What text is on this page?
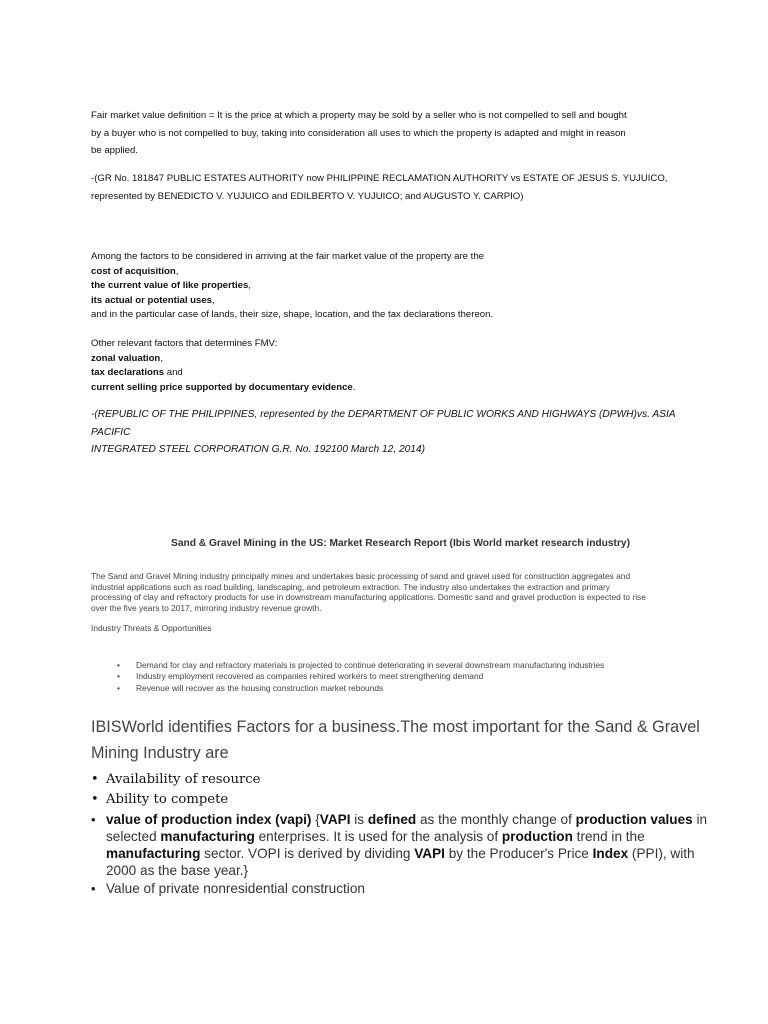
Fair market value definition = It is the price at which a property may be sold by a seller who is not compelled to sell and bought
by a buyer who is not compelled to buy, taking into consideration all uses to which the property is adapted and might in reason
be applied.
-(GR No. 181847 PUBLIC ESTATES AUTHORITY now PHILIPPINE RECLAMATION AUTHORITY vs ESTATE OF JESUS S. YUJUICO,
represented by BENEDICTO V. YUJUICO and EDILBERTO V. YUJUICO; and AUGUSTO Y. CARPIO)
Among the factors to be considered in arriving at the fair market value of the property are the
cost of acquisition,
the current value of like properties,
its actual or potential uses,
and in the particular case of lands, their size, shape, location, and the tax declarations thereon.
Other relevant factors that determines FMV:
zonal valuation,
tax declarations and
current selling price supported by documentary evidence.
-(REPUBLIC OF THE PHILIPPINES, represented by the DEPARTMENT OF PUBLIC WORKS AND HIGHWAYS (DPWH)vs. ASIA PACIFIC
INTEGRATED STEEL CORPORATION G.R. No. 192100 March 12, 2014)
Sand & Gravel Mining in the US: Market Research Report (Ibis World market research industry)
The Sand and Gravel Mining industry principally mines and undertakes basic processing of sand and gravel used for construction aggregates and
industrial applications such as road building, landscaping, and petroleum extraction. The industry also undertakes the extraction and primary
processing of clay and refractory products for use in downstream manufacturing applications. Domestic sand and gravel production is expected to rise
over the five years to 2017, mirroring industry revenue growth.
Industry Threats & Opportunities
• Demand for clay and refractory materials is projected to continue deteriorating in several downstream manufacturing industries
• Industry employment recovered as companies rehired workers to meet strengthening demand
• Revenue will recover as the housing construction market rebounds
IBISWorld identifies Factors for a business.The most important for the Sand & Gravel Mining Industry are
• Availability of resource
• Ability to compete
• value of production index (vapi) {VAPI is defined as the monthly change of production values in selected manufacturing enterprises. It is used for the analysis of production trend in the manufacturing sector. VOPI is derived by dividing VAPI by the Producer's Price Index (PPI), with 2000 as the base year.}
• Value of private nonresidential construction
